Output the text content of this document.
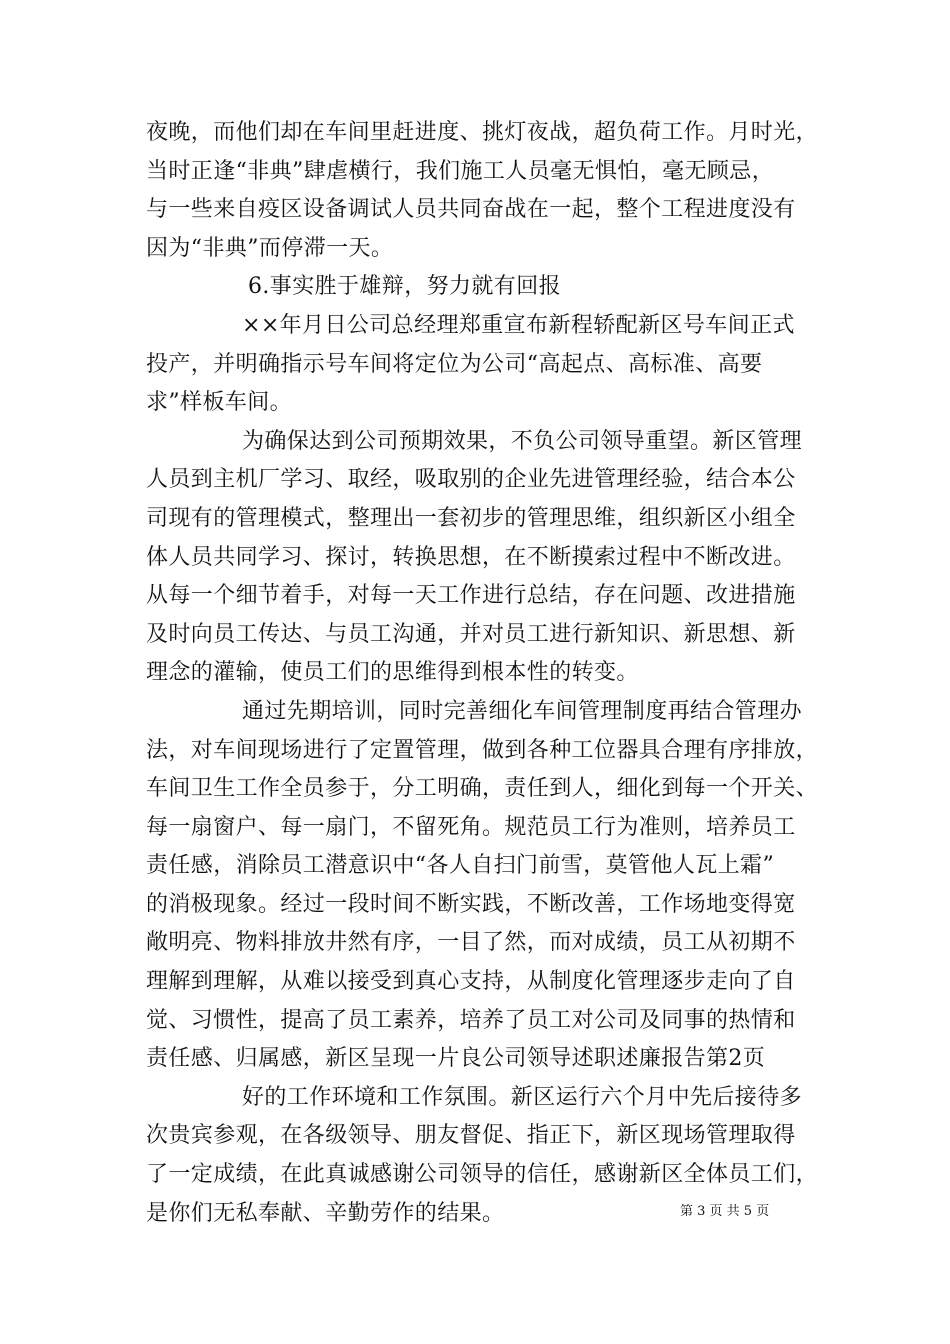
夜晚，而他们却在车间里赶进度、挑灯夜战，超负荷工作。月时光，
当时正逢“非典”肆虐横行，我们施工人员毫无惧怕，毫无顾忌，
与一些来自疫区设备调试人员共同奋战在一起，整个工程进度没有
因为“非典”而停滞一天。
6.事实胜于雄辩，努力就有回报
××年月日公司总经理郑重宣布新程轿配新区号车间正式
投产，并明确指示号车间将定位为公司“高起点、高标准、高要
求”样板车间。
为确保达到公司预期效果，不负公司领导重望。新区管理
人员到主机厂学习、取经，吸取别的企业先进管理经验，结合本公
司现有的管理模式，整理出一套初步的管理思维，组织新区小组全
体人员共同学习、探讨，转换思想，在不断摸索过程中不断改进。
从每一个细节着手，对每一天工作进行总结，存在问题、改进措施
及时向员工传达、与员工沟通，并对员工进行新知识、新思想、新
理念的灌输，使员工们的思维得到根本性的转变。
通过先期培训，同时完善细化车间管理制度再结合管理办
法，对车间现场进行了定置管理，做到各种工位器具合理有序排放，
车间卫生工作全员参于，分工明确，责任到人，细化到每一个开关、
每一扇窗户、每一扇门，不留死角。规范员工行为准则，培养员工
责任感，消除员工潜意识中“各人自扫门前雪，莫管他人瓦上霜”
的消极现象。经过一段时间不断实践，不断改善，工作场地变得宽
敞明亮、物料排放井然有序，一目了然，而对成绩，员工从初期不
理解到理解，从难以接受到真心支持，从制度化管理逐步走向了自
觉、习惯性，提高了员工素养，培养了员工对公司及同事的热情和
责任感、归属感，新区呈现一片良公司领导述职述廉报告第2页
好的工作环境和工作氛围。新区运行六个月中先后接待多
次贵宾参观，在各级领导、朋友督促、指正下，新区现场管理取得
了一定成绩，在此真诚感谢公司领导的信任，感谢新区全体员工们，
是你们无私奉献、辛勤劳作的结果。	第 3 页 共 5 页
